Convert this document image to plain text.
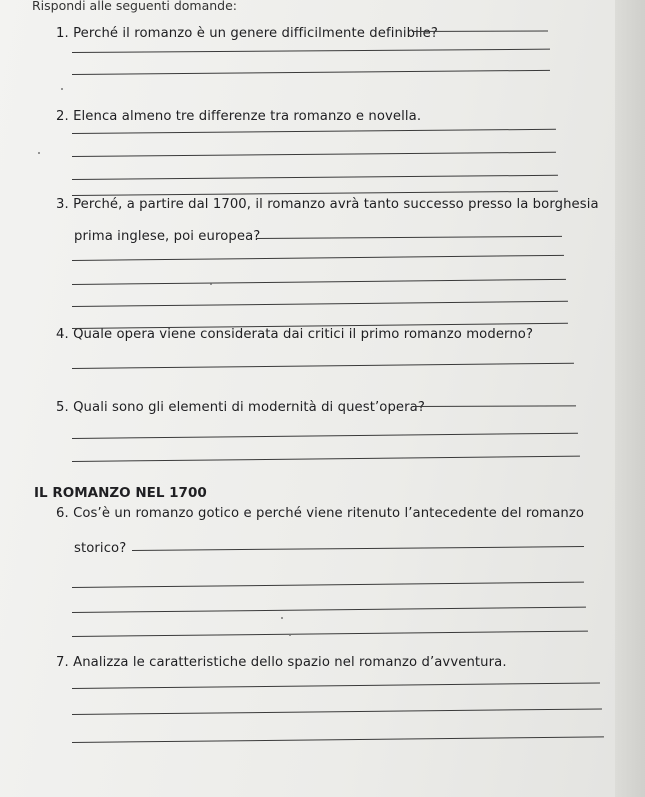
Rispondi alle seguenti domande:
1. Perché il romanzo è un genere difficilmente definibile?
2. Elenca almeno tre differenze tra romanzo e novella.
3. Perché, a partire dal 1700, il romanzo avrà tanto successo presso la borghesia
prima inglese, poi europea?
4. Quale opera viene considerata dai critici il primo romanzo moderno?
5. Quali sono gli elementi di modernità di quest’opera?
IL ROMANZO NEL 1700
6. Cos’è un romanzo gotico e perché viene ritenuto l’antecedente del romanzo
storico?
7. Analizza le caratteristiche dello spazio nel romanzo d’avventura.
